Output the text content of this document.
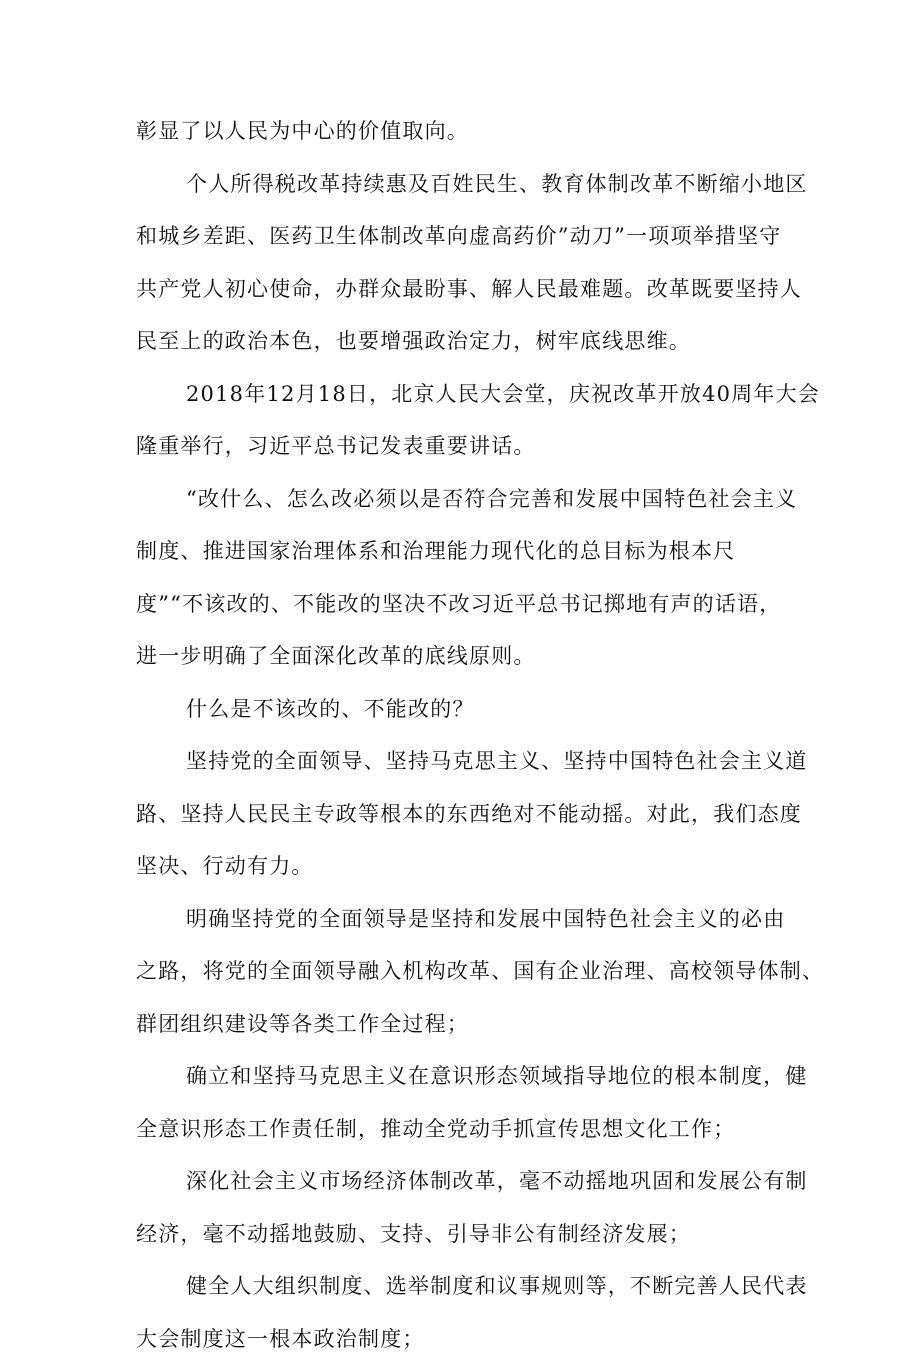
彰显了以人民为中心的价值取向。
个人所得税改革持续惠及百姓民生、教育体制改革不断缩小地区
和城乡差距、医药卫生体制改革向虚高药价”动刀”一项项举措坚守
共产党人初心使命，办群众最盼事、解人民最难题。改革既要坚持人
民至上的政治本色，也要增强政治定力，树牢底线思维。
2018年12月18日，北京人民大会堂，庆祝改革开放40周年大会
隆重举行，习近平总书记发表重要讲话。
“改什么、怎么改必须以是否符合完善和发展中国特色社会主义
制度、推进国家治理体系和治理能力现代化的总目标为根本尺
度”“不该改的、不能改的坚决不改习近平总书记掷地有声的话语，
进一步明确了全面深化改革的底线原则。
什么是不该改的、不能改的？
坚持党的全面领导、坚持马克思主义、坚持中国特色社会主义道
路、坚持人民民主专政等根本的东西绝对不能动摇。对此，我们态度
坚决、行动有力。
明确坚持党的全面领导是坚持和发展中国特色社会主义的必由
之路，将党的全面领导融入机构改革、国有企业治理、高校领导体制、
群团组织建设等各类工作全过程；
确立和坚持马克思主义在意识形态领域指导地位的根本制度，健
全意识形态工作责任制，推动全党动手抓宣传思想文化工作；
深化社会主义市场经济体制改革，毫不动摇地巩固和发展公有制
经济，毫不动摇地鼓励、支持、引导非公有制经济发展；
健全人大组织制度、选举制度和议事规则等，不断完善人民代表
大会制度这一根本政治制度；
